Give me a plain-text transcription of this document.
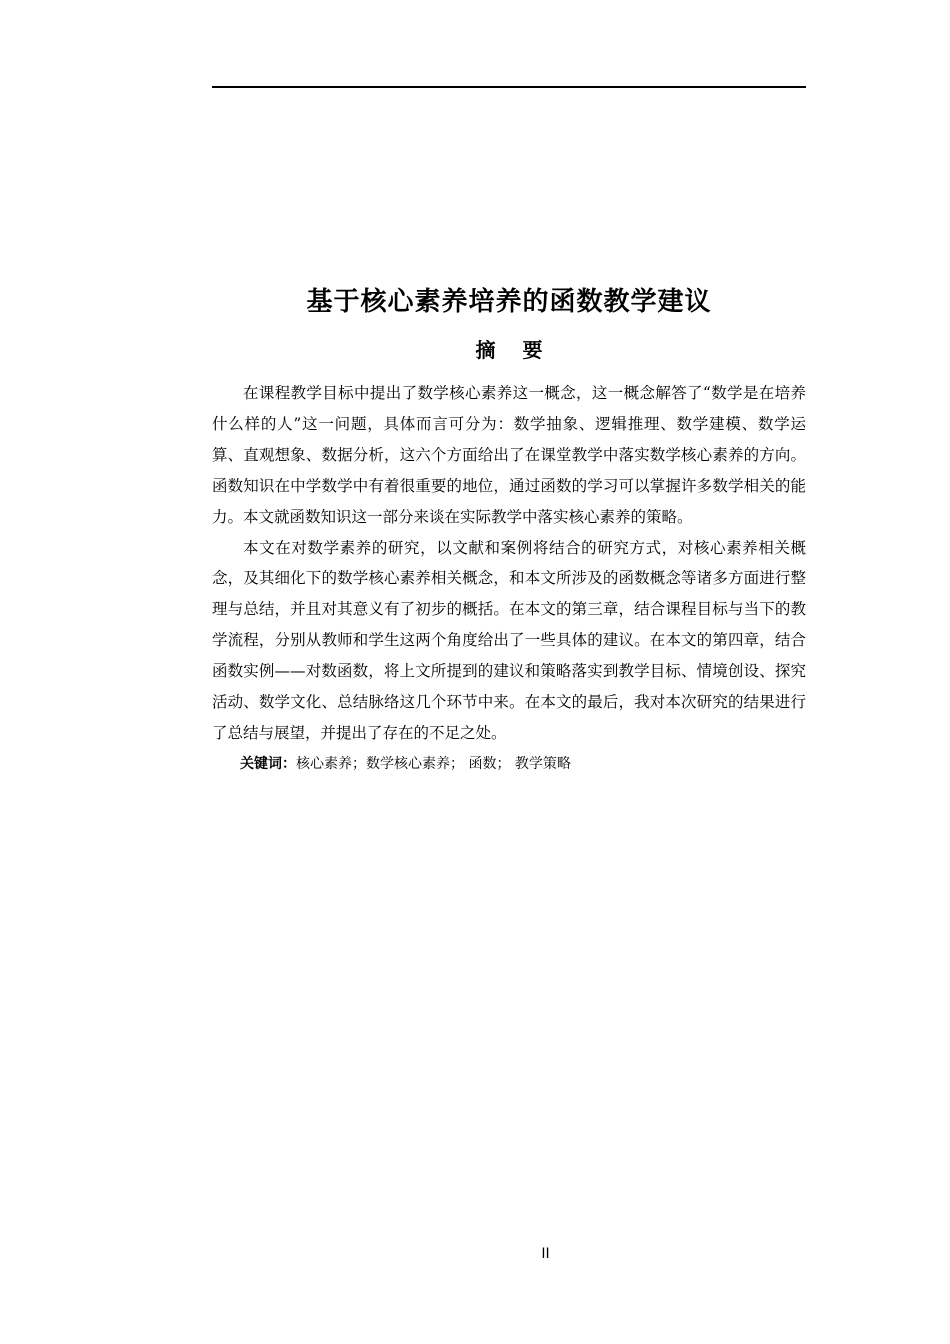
基于核心素养培养的函数教学建议
摘 要

在课程教学目标中提出了数学核心素养这一概念，这一概念解答了“数学是在培养什么样的人”这一问题，具体而言可分为：数学抽象、逻辑推理、数学建模、数学运算、直观想象、数据分析，这六个方面给出了在课堂教学中落实数学核心素养的方向。函数知识在中学数学中有着很重要的地位，通过函数的学习可以掌握许多数学相关的能力。本文就函数知识这一部分来谈在实际教学中落实核心素养的策略。

本文在对数学素养的研究，以文献和案例将结合的研究方式，对核心素养相关概念，及其细化下的数学核心素养相关概念，和本文所涉及的函数概念等诸多方面进行整理与总结，并且对其意义有了初步的概括。在本文的第三章，结合课程目标与当下的教学流程，分别从教师和学生这两个角度给出了一些具体的建议。在本文的第四章，结合函数实例——对数函数，将上文所提到的建议和策略落实到教学目标、情境创设、探究活动、数学文化、总结脉络这几个环节中来。在本文的最后，我对本次研究的结果进行了总结与展望，并提出了存在的不足之处。

关键词：核心素养；数学核心素养； 函数； 教学策略

II
